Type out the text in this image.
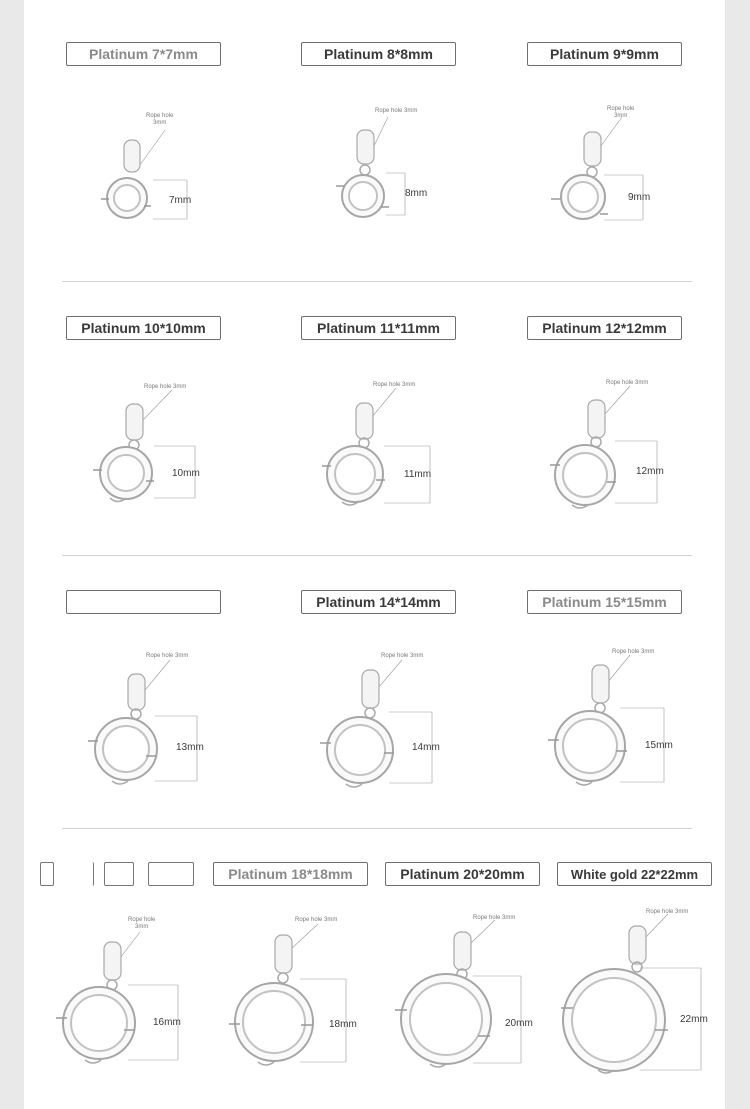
Platinum 7*7mm	Platinum 8*8mm	Platinum 9*9mm
Rope hole
3mm
7mm
Rope hole 3mm
8mm
Rope hole
3mm
9mm
Platinum 10*10mm	Platinum 11*11mm	Platinum 12*12mm
Rope hole 3mm
10mm
Rope hole 3mm
11mm
Rope hole 3mm
12mm
Platinum 14*14mm	Platinum 15*15mm
Rope hole 3mm
13mm
Rope hole 3mm
14mm
Rope hole 3mm
15mm
Platinum 18*18mm	Platinum 20*20mm	White gold 22*22mm
Rope hole
3mm
16mm
Rope hole 3mm
18mm
Rope hole 3mm
20mm
Rope hole 3mm
22mm
